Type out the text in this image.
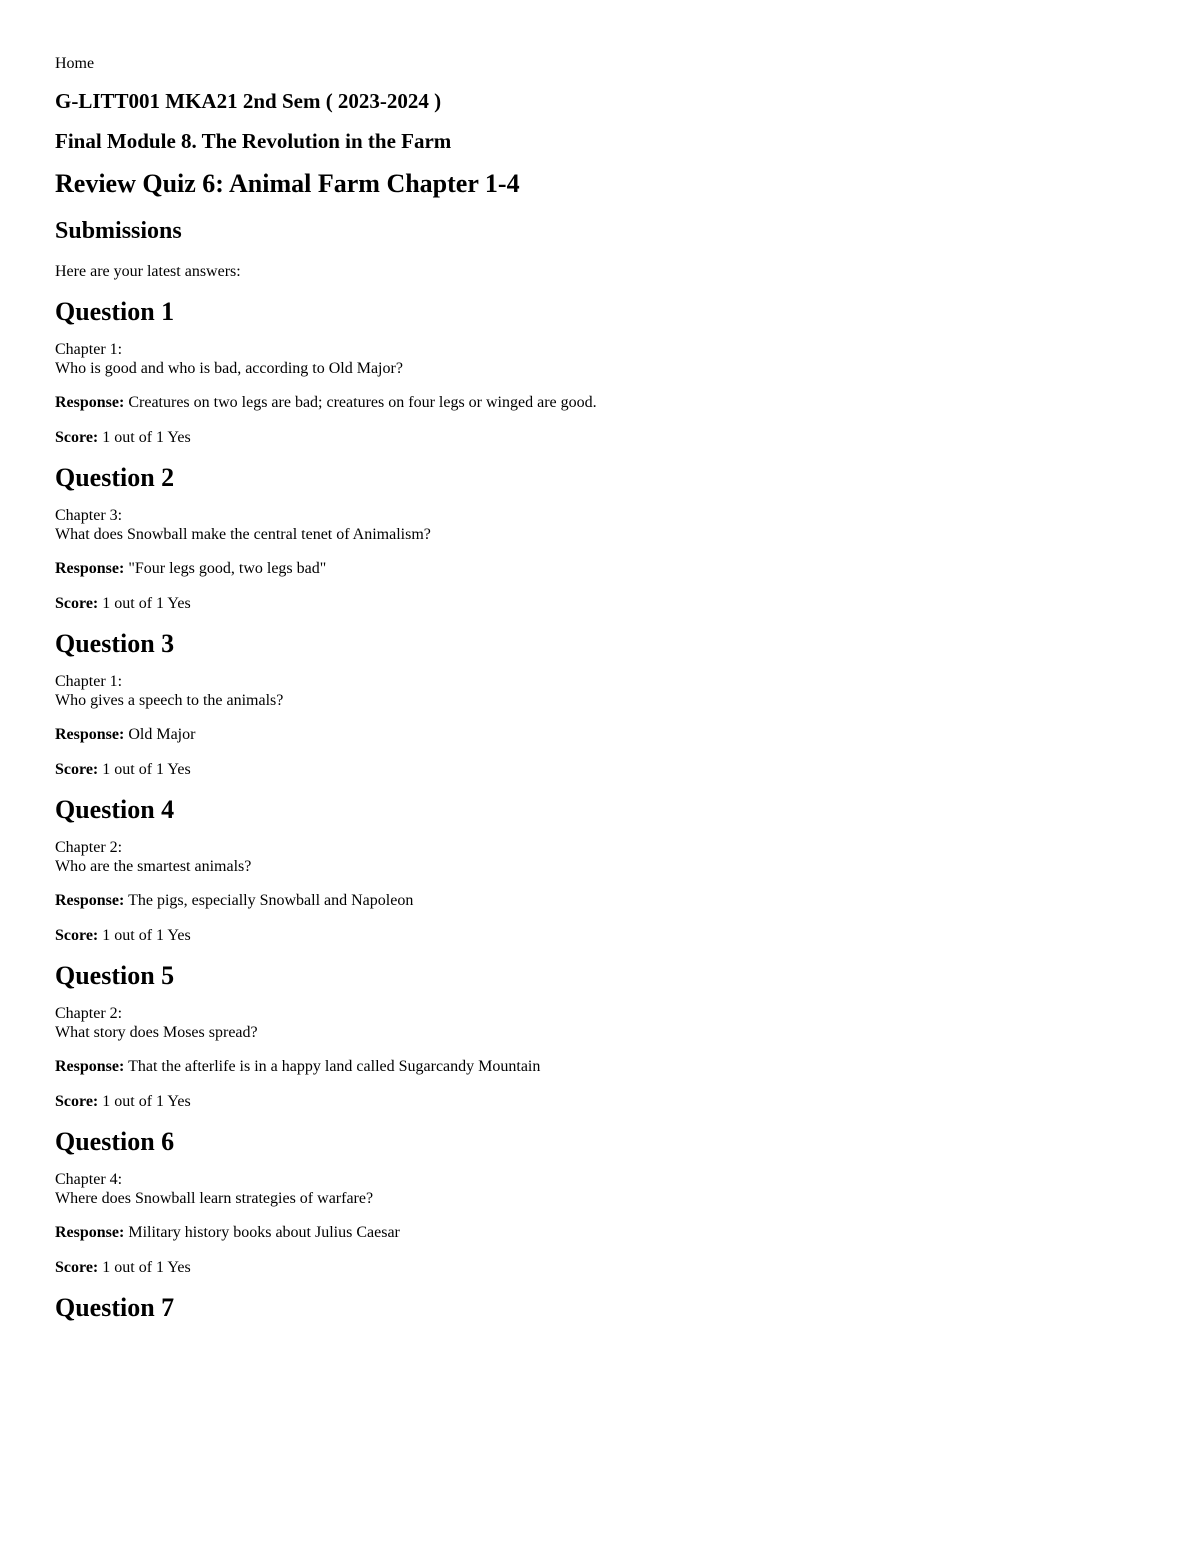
Home
G-LITT001 MKA21 2nd Sem ( 2023-2024 )
Final Module 8. The Revolution in the Farm
Review Quiz 6: Animal Farm Chapter 1-4
Submissions
Here are your latest answers:
Question 1
Chapter 1:
Who is good and who is bad, according to Old Major?
Response: Creatures on two legs are bad; creatures on four legs or winged are good.
Score: 1 out of 1 Yes
Question 2
Chapter 3:
What does Snowball make the central tenet of Animalism?
Response: "Four legs good, two legs bad"
Score: 1 out of 1 Yes
Question 3
Chapter 1:
Who gives a speech to the animals?
Response: Old Major
Score: 1 out of 1 Yes
Question 4
Chapter 2:
Who are the smartest animals?
Response: The pigs, especially Snowball and Napoleon
Score: 1 out of 1 Yes
Question 5
Chapter 2:
What story does Moses spread?
Response: That the afterlife is in a happy land called Sugarcandy Mountain
Score: 1 out of 1 Yes
Question 6
Chapter 4:
Where does Snowball learn strategies of warfare?
Response: Military history books about Julius Caesar
Score: 1 out of 1 Yes
Question 7
